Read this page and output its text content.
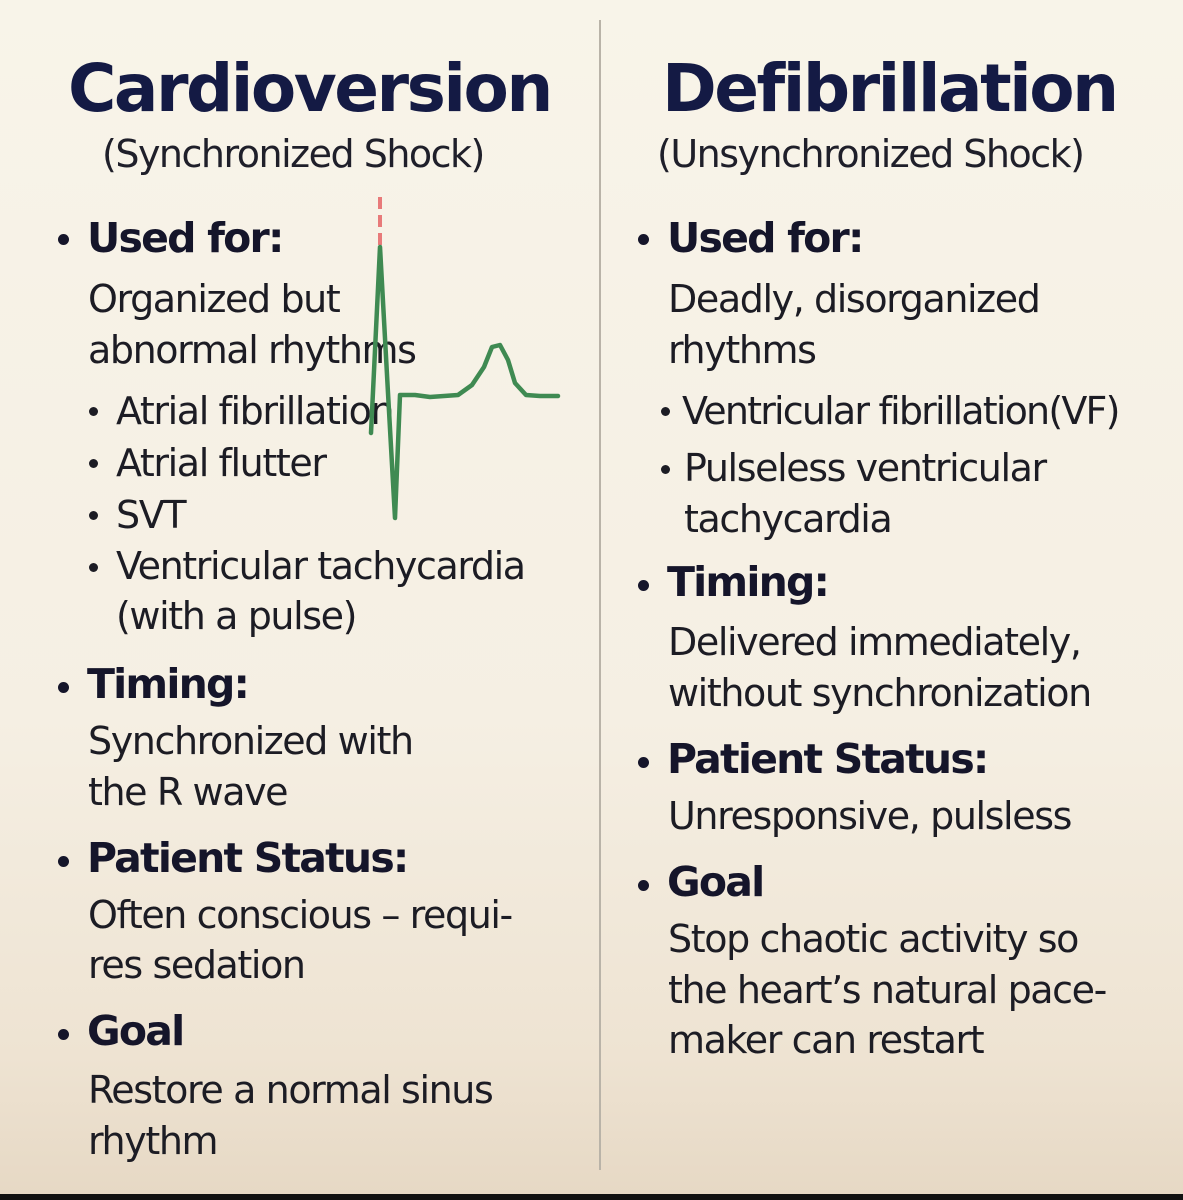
Cardioversion
(Synchronized Shock)
Used for:
Organized but
abnormal rhythms
Atrial fibrillation
Atrial flutter
SVT
Ventricular tachycardia
(with a pulse)
Timing:
Synchronized with
the R wave
Patient Status:
Often conscious – requi-
res sedation
Goal
Restore a normal sinus
rhythm
Defibrillation
(Unsynchronized Shock)
Used for:
Deadly, disorganized
rhythms
Ventricular fibrillation(VF)
Pulseless ventricular
tachycardia
Timing:
Delivered immediately,
without synchronization
Patient Status:
Unresponsive, pulsless
Goal
Stop chaotic activity so
the heart’s natural pace-
maker can restart
